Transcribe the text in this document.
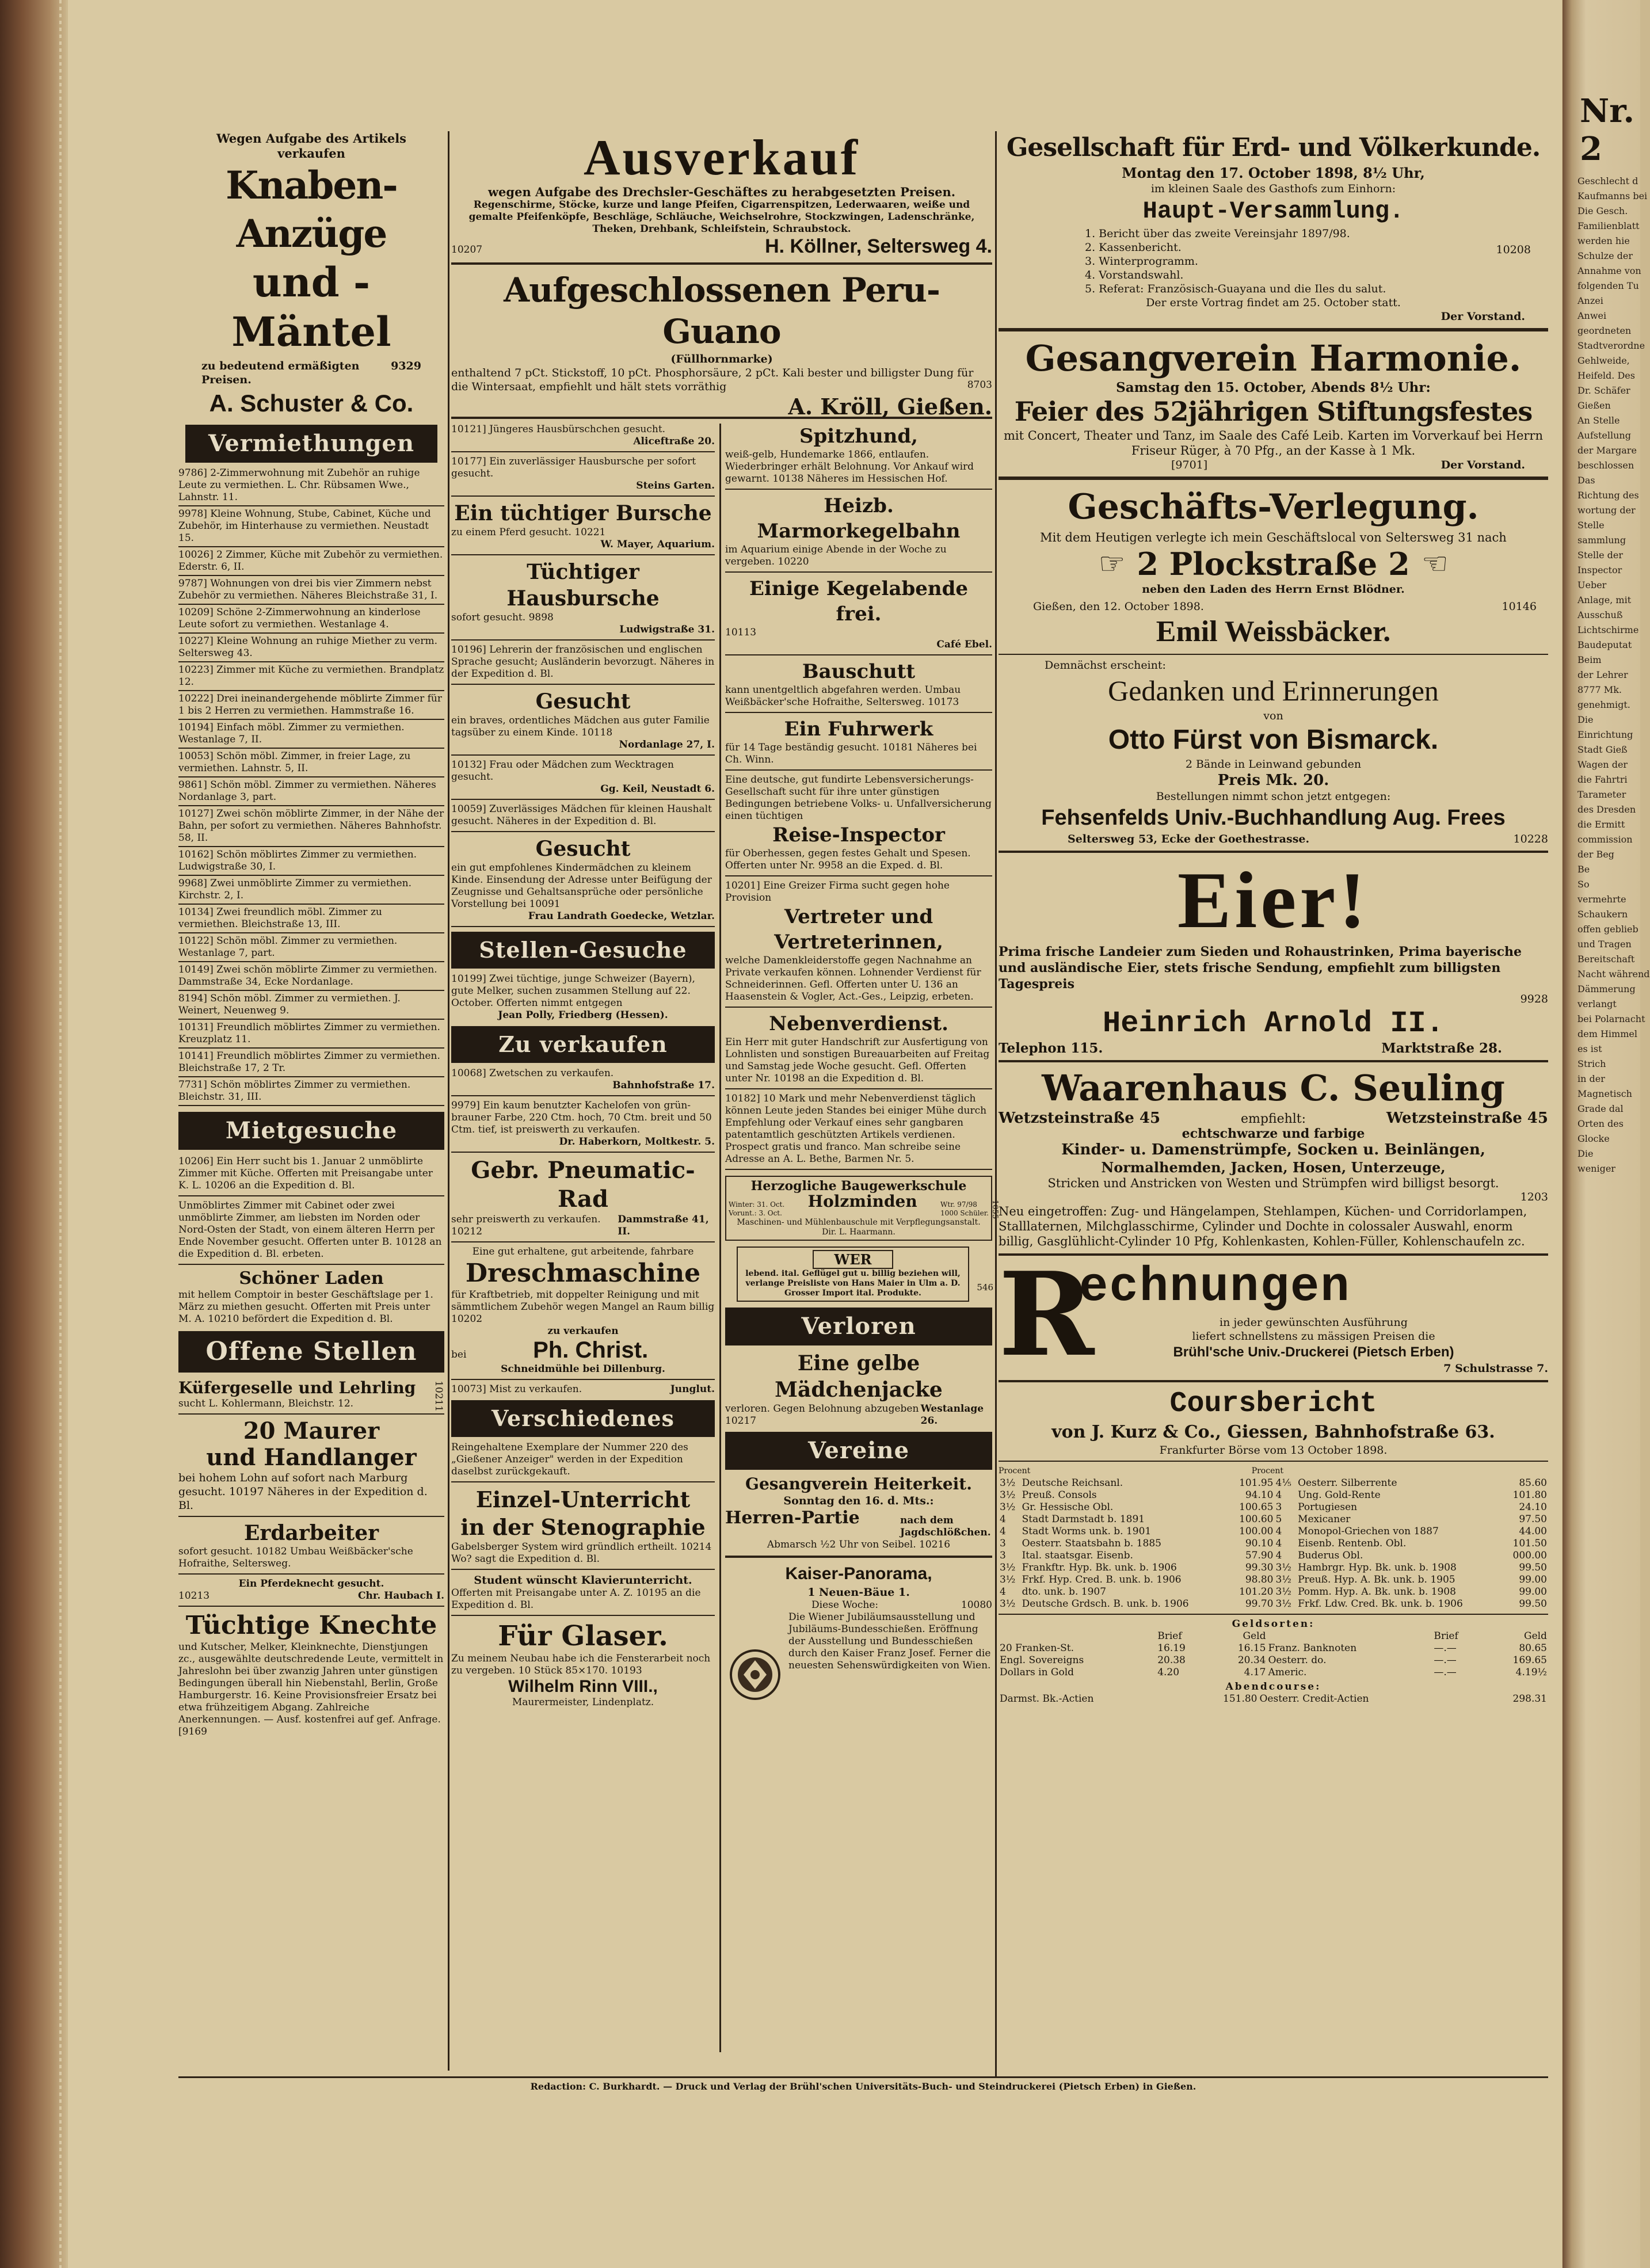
Nr. 2
Geschlecht d
Kaufmanns bei
Die Gesch.
Familienblatt
werden hie
Schulze der
Annahme von
folgenden Tu
Anzei
Anwei
geordneten
Stadtverordne
Gehlweide,
Heifeld. Des
Dr. Schäfer
Gießen
An Stelle
Aufstellung
der Margare
beschlossen
Das
Richtung des
wortung der
Stelle
sammlung
Stelle der
Inspector
Ueber
Anlage, mit
Ausschuß
Lichtschirme
Baudeputat
Beim
der Lehrer
8777 Mk.
genehmigt.
Die
Einrichtung
Stadt Gieß
Wagen der
die Fahrtri
Tarameter
des Dresden
die Ermitt
commission
der Beg
Be
So
vermehrte
Schaukern
offen geblieb
und Tragen
Bereitschaft
Nacht während
Dämmerung
verlangt
bei Polarnacht
dem Himmel
es ist
Strich
in der
Magnetisch
Grade dal
Orten des
Glocke
Die
weniger
Wegen Aufgabe des Artikels verkaufen
Knaben-Anzüge
und -Mäntel
zu bedeutend ermäßigten Preisen.
9329
A. Schuster & Co.
Vermiethungen
9786] 2-Zimmerwohnung mit Zubehör an ruhige Leute zu vermiethen. L. Chr. Rübsamen Wwe., Lahnstr. 11.
9978] Kleine Wohnung, Stube, Cabinet, Küche und Zubehör, im Hinterhause zu vermiethen. Neustadt 15.
10026] 2 Zimmer, Küche mit Zubehör zu vermiethen. Ederstr. 6, II.
9787] Wohnungen von drei bis vier Zimmern nebst Zubehör zu vermiethen. Näheres Bleichstraße 31, I.
10209] Schöne 2-Zimmerwohnung an kinderlose Leute sofort zu vermiethen. Westanlage 4.
10227] Kleine Wohnung an ruhige Miether zu verm. Seltersweg 43.
10223] Zimmer mit Küche zu vermiethen. Brandplatz 12.
10222] Drei ineinandergehende möblirte Zimmer für 1 bis 2 Herren zu vermiethen. Hammstraße 16.
10194] Einfach möbl. Zimmer zu vermiethen. Westanlage 7, II.
10053] Schön möbl. Zimmer, in freier Lage, zu vermiethen. Lahnstr. 5, II.
9861] Schön möbl. Zimmer zu vermiethen. Näheres Nordanlage 3, part.
10127] Zwei schön möblirte Zimmer, in der Nähe der Bahn, per sofort zu vermiethen. Näheres Bahnhofstr. 58, II.
10162] Schön möblirtes Zimmer zu vermiethen. Ludwigstraße 30, I.
9968] Zwei unmöblirte Zimmer zu vermiethen. Kirchstr. 2, I.
10134] Zwei freundlich möbl. Zimmer zu vermiethen. Bleichstraße 13, III.
10122] Schön möbl. Zimmer zu vermiethen. Westanlage 7, part.
10149] Zwei schön möblirte Zimmer zu vermiethen. Dammstraße 34, Ecke Nordanlage.
8194] Schön möbl. Zimmer zu vermiethen. J. Weinert, Neuenweg 9.
10131] Freundlich möblirtes Zimmer zu vermiethen. Kreuzplatz 11.
10141] Freundlich möblirtes Zimmer zu vermiethen. Bleichstraße 17, 2 Tr.
7731] Schön möblirtes Zimmer zu vermiethen. Bleichstr. 31, III.
Mietgesuche
10206] Ein Herr sucht bis 1. Januar 2 unmöblirte Zimmer mit Küche. Offerten mit Preisangabe unter K. L. 10206 an die Expedition d. Bl.
Unmöblirtes Zimmer mit Cabinet oder zwei unmöblirte Zimmer, am liebsten im Norden oder Nord-Osten der Stadt, von einem älteren Herrn per Ende November gesucht. Offerten unter B. 10128 an die Expedition d. Bl. erbeten.
Schöner Laden
mit hellem Comptoir in bester Geschäftslage per 1. März zu miethen gesucht. Offerten mit Preis unter M. A. 10210 befördert die Expedition d. Bl.
Offene Stellen
Küfergeselle und Lehrling
sucht L. Kohlermann, Bleichstr. 12.	10211
20 Maurer
und Handlanger
bei hohem Lohn auf sofort nach Marburg gesucht. 10197 Näheres in der Expedition d. Bl.
Erdarbeiter
sofort gesucht. 10182 Umbau Weißbäcker'sche Hofraithe, Seltersweg.
Ein Pferdeknecht gesucht.
10213	Chr. Haubach I.
Tüchtige Knechte
und Kutscher, Melker, Kleinknechte, Dienstjungen zc., ausgewählte deutschredende Leute, vermittelt in Jahreslohn bei über zwanzig Jahren unter günstigen Bedingungen überall hin Niebenstahl, Berlin, Große Hamburgerstr. 16. Keine Provisionsfreier Ersatz bei etwa frühzeitigem Abgang. Zahlreiche Anerkennungen. — Ausf. kostenfrei auf gef. Anfrage. [9169
Ausverkauf
wegen Aufgabe des Drechsler-Geschäftes zu herabgesetzten Preisen.
Regenschirme, Stöcke, kurze und lange Pfeifen, Cigarrenspitzen, Lederwaaren, weiße und gemalte Pfeifenköpfe, Beschläge, Schläuche, Weichselrohre, Stockzwingen, Ladenschränke, Theken, Drehbank, Schleifstein, Schraubstock.
10207	H. Köllner, Seltersweg 4.
Aufgeschlossenen Peru-Guano
(Füllhornmarke)
enthaltend 7 pCt. Stickstoff, 10 pCt. Phosphorsäure, 2 pCt. Kali bester und billigster Dung für die Wintersaat, empfiehlt und hält stets vorräthig
A. Kröll, Gießen.
8703
10121] Jüngeres Hausbürschchen gesucht.
Aliceftraße 20.
10177] Ein zuverlässiger Hausbursche per sofort gesucht.
Steins Garten.
Ein tüchtiger Bursche
zu einem Pferd gesucht. 10221
W. Mayer, Aquarium.
Tüchtiger Hausbursche
sofort gesucht. 9898
Ludwigstraße 31.
10196] Lehrerin der französischen und englischen Sprache gesucht; Ausländerin bevorzugt. Näheres in der Expedition d. Bl.
Gesucht
ein braves, ordentliches Mädchen aus guter Familie tagsüber zu einem Kinde. 10118
Nordanlage 27, I.
10132] Frau oder Mädchen zum Wecktragen gesucht.
Gg. Keil, Neustadt 6.
10059] Zuverlässiges Mädchen für kleinen Haushalt gesucht. Näheres in der Expedition d. Bl.
Gesucht
ein gut empfohlenes Kindermädchen zu kleinem Kinde. Einsendung der Adresse unter Beifügung der Zeugnisse und Gehaltsansprüche oder persönliche Vorstellung bei 10091
Frau Landrath Goedecke, Wetzlar.
Stellen-Gesuche
10199] Zwei tüchtige, junge Schweizer (Bayern), gute Melker, suchen zusammen Stellung auf 22. October. Offerten nimmt entgegen
Jean Polly, Friedberg (Hessen).
Zu verkaufen
10068] Zwetschen zu verkaufen.
Bahnhofstraße 17.
9979] Ein kaum benutzter Kachelofen von grün-brauner Farbe, 220 Ctm. hoch, 70 Ctm. breit und 50 Ctm. tief, ist preiswerth zu verkaufen.
Dr. Haberkorn, Moltkestr. 5.
Gebr. Pneumatic-Rad
sehr preiswerth zu verkaufen. 10212
Dammstraße 41, II.
Eine gut erhaltene, gut arbeitende, fahrbare
Dreschmaschine
für Kraftbetrieb, mit doppelter Reinigung und mit sämmtlichem Zubehör wegen Mangel an Raum billig 10202
zu verkaufen
bei	Ph. Christ.
Schneidmühle bei Dillenburg.
10073] Mist zu verkaufen.	Junglut.
Verschiedenes
Reingehaltene Exemplare der Nummer 220 des „Gießener Anzeiger" werden in der Expedition daselbst zurückgekauft.
Einzel-Unterricht
in der Stenographie
Gabelsberger System wird gründlich ertheilt. 10214 Wo? sagt die Expedition d. Bl.
Student wünscht Klavierunterricht.
Offerten mit Preisangabe unter A. Z. 10195 an die Expedition d. Bl.
Für Glaser.
Zu meinem Neubau habe ich die Fensterarbeit noch zu vergeben. 10 Stück 85×170. 10193
Wilhelm Rinn VIII.,
Maurermeister, Lindenplatz.
Spitzhund,
weiß-gelb, Hundemarke 1866, entlaufen. Wiederbringer erhält Belohnung. Vor Ankauf wird gewarnt. 10138 Näheres im Hessischen Hof.
Heizb. Marmorkegelbahn
im Aquarium einige Abende in der Woche zu vergeben. 10220
Einige Kegelabende frei.
10113
Café Ebel.
Bauschutt
kann unentgeltlich abgefahren werden. Umbau Weißbäcker'sche Hofraithe, Seltersweg. 10173
Ein Fuhrwerk
für 14 Tage beständig gesucht. 10181 Näheres bei Ch. Winn.
Eine deutsche, gut fundirte Lebensversicherungs-Gesellschaft sucht für ihre unter günstigen Bedingungen betriebene Volks- u. Unfallversicherung einen tüchtigen
Reise-Inspector
für Oberhessen, gegen festes Gehalt und Spesen. Offerten unter Nr. 9958 an die Exped. d. Bl.
10201] Eine Greizer Firma sucht gegen hohe Provision
Vertreter und Vertreterinnen,
welche Damenkleiderstoffe gegen Nachnahme an Private verkaufen können. Lohnender Verdienst für Schneiderinnen. Gefl. Offerten unter U. 136 an Haasenstein & Vogler, Act.-Ges., Leipzig, erbeten.
Nebenverdienst.
Ein Herr mit guter Handschrift zur Ausfertigung von Lohnlisten und sonstigen Bureauarbeiten auf Freitag und Samstag jede Woche gesucht. Gefl. Offerten unter Nr. 10198 an die Expedition d. Bl.
10182] 10 Mark und mehr Nebenverdienst täglich können Leute jeden Standes bei einiger Mühe durch Empfehlung oder Verkauf eines sehr gangbaren patentamtlich geschützten Artikels verdienen. Prospect gratis und franco. Man schreibe seine Adresse an A. L. Bethe, Barmen Nr. 5.
Herzogliche Baugewerkschule
Winter: 31. Oct.
Vorunt.: 3. Oct.
Holzminden	Wtr. 97/98
1000 Schüler.
Maschinen- und Mühlenbauschule mit Verpflegungsanstalt. Dir. L. Haarmann.
1055
WER
lebend. ital. Geflügel gut u. billig beziehen will, verlange Preisliste von Hans Maier in Ulm a. D. Grosser Import ital. Produkte.
546
Verloren
Eine gelbe Mädchenjacke
verloren. Gegen Belohnung abzugeben 10217
Westanlage 26.
Vereine
Gesangverein Heiterkeit.
Sonntag den 16. d. Mts.:
Herren-Partie	nach dem Jagdschlößchen.
Abmarsch ½2 Uhr von Seibel. 10216
Kaiser-Panorama,
1 Neuen-Bäue 1.
Diese Woche:	10080
Die Wiener Jubiläumsausstellung und Jubiläums-Bundesschießen. Eröffnung der Ausstellung und Bundesschießen durch den Kaiser Franz Josef. Ferner die neuesten Sehenswürdigkeiten von Wien.
Gesellschaft für Erd- und Völkerkunde.
Montag den 17. October 1898, 8½ Uhr,
im kleinen Saale des Gasthofs zum Einhorn:
Haupt-Versammlung.
1. Bericht über das zweite Vereinsjahr 1897/98.
2. Kassenbericht.
3. Winterprogramm.
4. Vorstandswahl.
5. Referat: Französisch-Guayana und die Iles du salut.
10208
Der erste Vortrag findet am 25. October statt.
Der Vorstand.
Gesangverein Harmonie.
Samstag den 15. October, Abends 8½ Uhr:
Feier des 52jährigen Stiftungsfestes
mit Concert, Theater und Tanz, im Saale des Café Leib. Karten im Vorverkauf bei Herrn Friseur Rüger, à 70 Pfg., an der Kasse à 1 Mk.
[9701]	Der Vorstand.
Geschäfts-Verlegung.
Mit dem Heutigen verlegte ich mein Geschäftslocal von Seltersweg 31 nach
☞ 2 Plockstraße 2 ☞
neben den Laden des Herrn Ernst Blödner.
Gießen, den 12. October 1898.	10146
Emil Weissbäcker.
Demnächst erscheint:
Gedanken und Erinnerungen
von
Otto Fürst von Bismarck.
2 Bände in Leinwand gebunden
Preis Mk. 20.
Bestellungen nimmt schon jetzt entgegen:
Fehsenfelds Univ.-Buchhandlung Aug. Frees
Seltersweg 53, Ecke der Goethestrasse.	10228
Eier!
Prima frische Landeier zum Sieden und Rohaustrinken, Prima bayerische und ausländische Eier, stets frische Sendung, empfiehlt zum billigsten Tagespreis
9928
Heinrich Arnold II.
Telephon 115.	Marktstraße 28.
Waarenhaus C. Seuling
Wetzsteinstraße 45	empfiehlt:	Wetzsteinstraße 45
echtschwarze und farbige
Kinder- u. Damenstrümpfe, Socken u. Beinlängen,
Normalhemden, Jacken, Hosen, Unterzeuge,
Stricken und Anstricken von Westen und Strümpfen wird billigst besorgt.
1203
Neu eingetroffen: Zug- und Hängelampen, Stehlampen, Küchen- und Corridorlampen, Stalllaternen, Milchglasschirme, Cylinder und Dochte in colossaler Auswahl, enorm billig, Gasglühlicht-Cylinder 10 Pfg, Kohlenkasten, Kohlen-Füller, Kohlenschaufeln zc.
R
echnungen
in jeder gewünschten Ausführung
liefert schnellstens zu mässigen Preisen die
Brühl'sche Univ.-Druckerei (Pietsch Erben)
7 Schulstrasse 7.
Coursbericht
von J. Kurz & Co., Giessen, Bahnhofstraße 63.
Frankfurter Börse vom 13 October 1898.
Procent	Procent
3½	Deutsche Reichsanl.	101.95	4⅕	Oesterr. Silberrente	85.60
3½	Preuß. Consols	94.10	4	Ung. Gold-Rente	101.80
3½	Gr. Hessische Obl.	100.65	3	Portugiesen	24.10
4	Stadt Darmstadt b. 1891	100.60	5	Mexicaner	97.50
4	Stadt Worms unk. b. 1901	100.00	4	Monopol-Griechen von 1887	44.00

3	Oesterr. Staatsbahn b. 1885	90.10	4	Eisenb. Rentenb. Obl.	101.50
3	Ital. staatsgar. Eisenb.	57.90	4	Buderus Obl.	000.00

3½	Frankftr. Hyp. Bk. unk. b. 1906	99.30	3½	Hambrgr. Hyp. Bk. unk. b. 1908	99.50
3½	Frkf. Hyp. Cred. B. unk. b. 1906	98.80	3½	Preuß. Hyp. A. Bk. unk. b. 1905	99.00
4	dto. unk. b. 1907	101.20	3½	Pomm. Hyp. A. Bk. unk. b. 1908	99.00
3½	Deutsche Grdsch. B. unk. b. 1906	99.70	3½	Frkf. Ldw. Cred. Bk. unk. b. 1906	99.50
Geldsorten:
	Brief	Geld		Brief	Geld
20 Franken-St.	16.19	16.15	Franz. Banknoten	—.—	80.65
Engl. Sovereigns	20.38	20.34	Oesterr. do.	—.—	169.65
Dollars in Gold	4.20	4.17	Americ.	—.—	4.19½
Abendcourse:
Darmst. Bk.-Actien	151.80	Oesterr. Credit-Actien	298.31
Redaction: C. Burkhardt. — Druck und Verlag der Brühl'schen Universitäts-Buch- und Steindruckerei (Pietsch Erben) in Gießen.
